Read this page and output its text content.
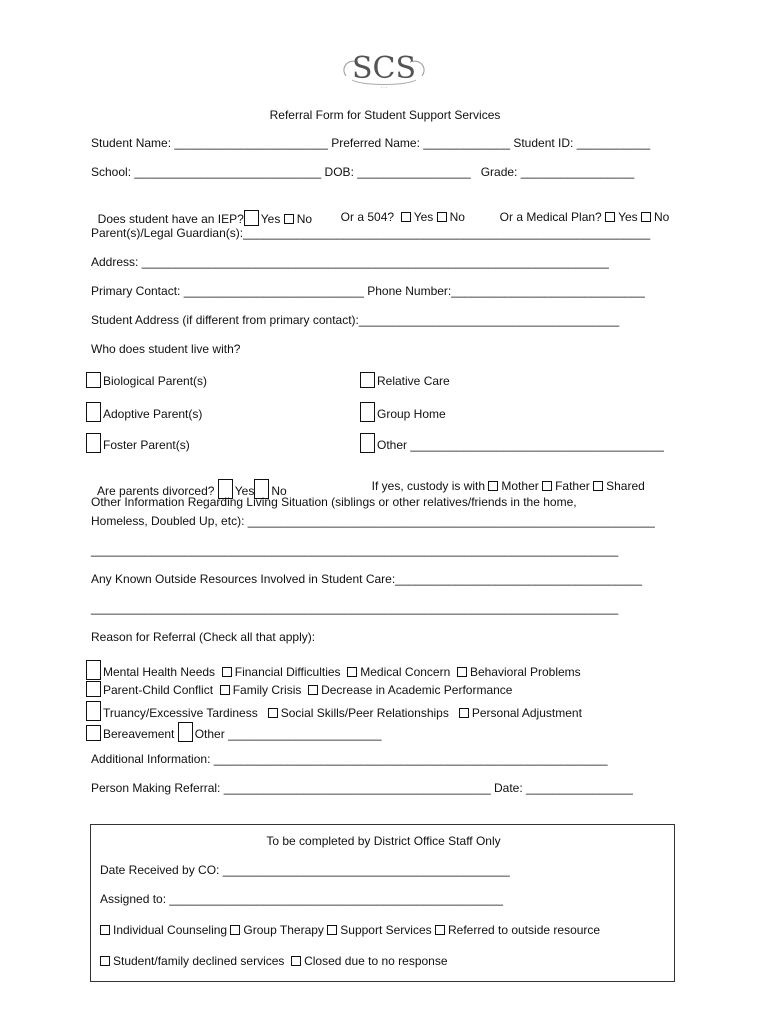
SCS
• • •
Referral Form for Student Support Services
Student Name: _______________________ Preferred Name: _____________ Student ID: ___________
School: ____________________________ DOB: _________________   Grade: _________________

Does student have an IEP? Yes No	Or a 504? Yes No	Or a Medical Plan? Yes No

Parent(s)/Legal Guardian(s):_____________________________________________________________
Address: ______________________________________________________________________
Primary Contact: ___________________________ Phone Number:_____________________________
Student Address (if different from primary contact):_______________________________________
Who does student live with?
Biological Parent(s)	Relative Care
Adoptive Parent(s)	Group Home
Foster Parent(s)	Other ______________________________________

Are parents divorced? Yes No	If yes, custody is with Mother Father Shared

Other Information Regarding Living Situation (siblings or other relatives/friends in the home,
Homeless, Doubled Up, etc): _____________________________________________________________
_______________________________________________________________________________
Any Known Outside Resources Involved in Student Care:_____________________________________
_______________________________________________________________________________
Reason for Referral (Check all that apply):
Mental Health Needs Financial Difficulties Medical Concern Behavioral Problems
Parent-Child Conflict Family Crisis Decrease in Academic Performance
Truancy/Excessive Tardiness Social Skills/Peer Relationships Personal Adjustment
Bereavement Other _______________________
Additional Information: ___________________________________________________________
Person Making Referral: ________________________________________ Date: ________________
To be completed by District Office Staff Only
Date Received by CO: ___________________________________________
Assigned to: __________________________________________________
Individual Counseling Group Therapy Support Services Referred to outside resource
Student/family declined services Closed due to no response
